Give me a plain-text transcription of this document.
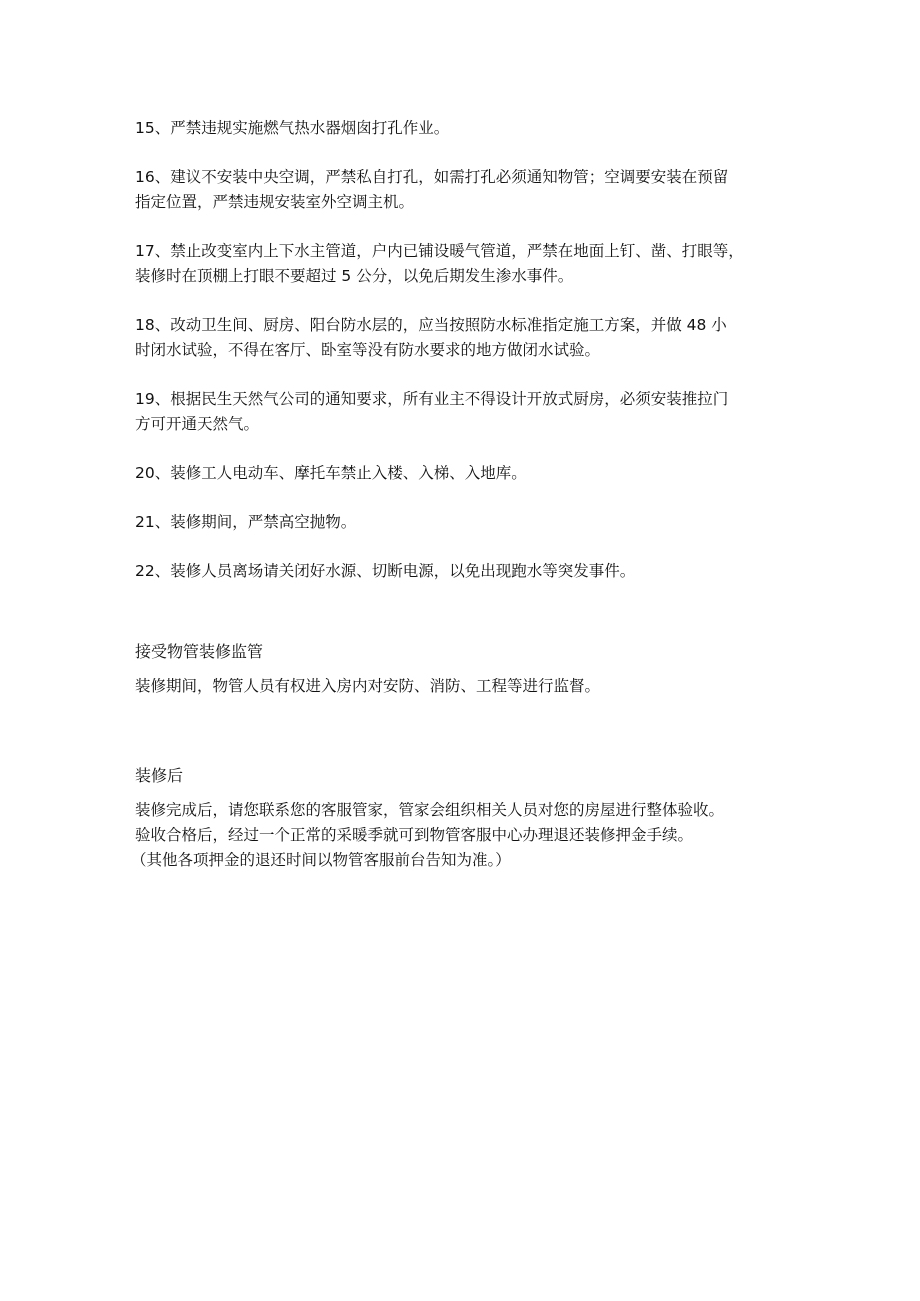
15、严禁违规实施燃气热水器烟囱打孔作业。

16、建议不安装中央空调，严禁私自打孔，如需打孔必须通知物管；空调要安装在预留
指定位置，严禁违规安装室外空调主机。

17、禁止改变室内上下水主管道，户内已铺设暖气管道，严禁在地面上钉、凿、打眼等，
装修时在顶棚上打眼不要超过 5 公分，以免后期发生渗水事件。

18、改动卫生间、厨房、阳台防水层的，应当按照防水标准指定施工方案，并做 48 小
时闭水试验，不得在客厅、卧室等没有防水要求的地方做闭水试验。

19、根据民生天然气公司的通知要求，所有业主不得设计开放式厨房，必须安装推拉门
方可开通天然气。

20、装修工人电动车、摩托车禁止入楼、入梯、入地库。

21、装修期间，严禁高空抛物。

22、装修人员离场请关闭好水源、切断电源，以免出现跑水等突发事件。

接受物管装修监管
装修期间，物管人员有权进入房内对安防、消防、工程等进行监督。
装修后
装修完成后，请您联系您的客服管家，管家会组织相关人员对您的房屋进行整体验收。
验收合格后，经过一个正常的采暖季就可到物管客服中心办理退还装修押金手续。
（其他各项押金的退还时间以物管客服前台告知为准。）
